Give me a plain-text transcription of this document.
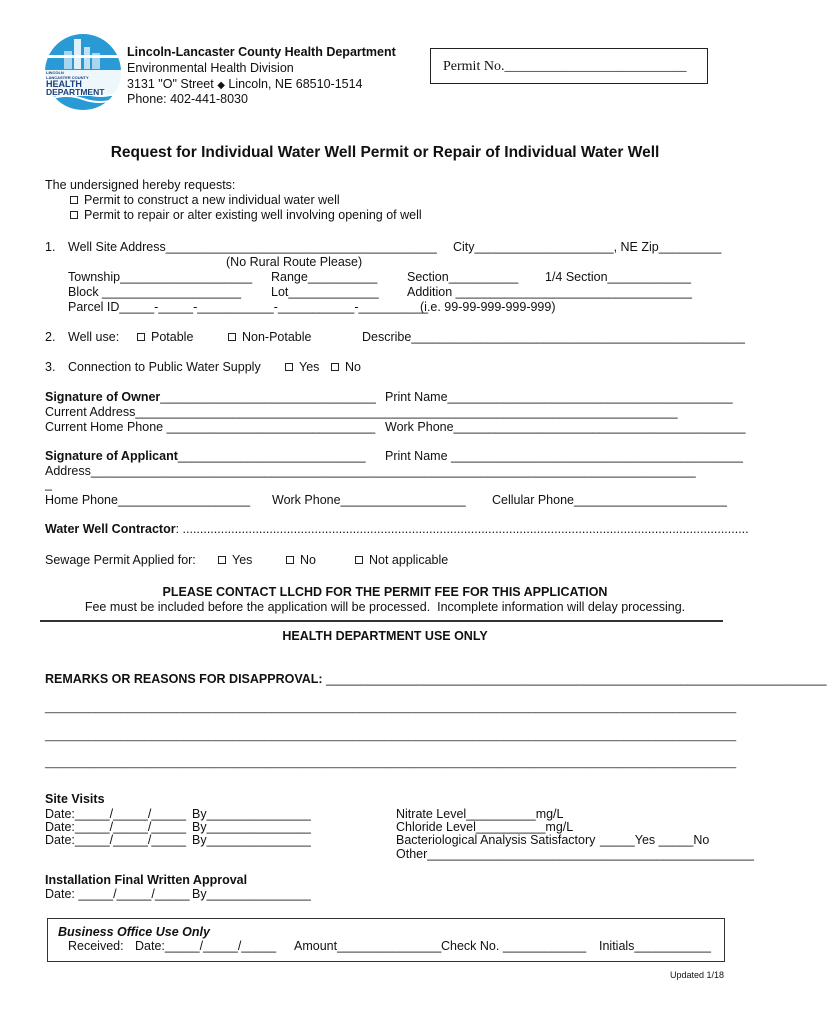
LINCOLN
LANCASTER COUNTY
HEALTH
DEPARTMENT
Lincoln-Lancaster County Health Department
Environmental Health Division
3131 "O" Street ◆ Lincoln, NE 68510-1514
Phone: 402-441-8030
Permit No.__________________________
Request for Individual Water Well Permit or Repair of Individual Water Well
The undersigned hereby requests:
Permit to construct a new individual water well
Permit to repair or alter existing well involving opening of well
1. Well Site Address_______________________________________ City____________________, NE Zip_________
(No Rural Route Please)
Township___________________ Range__________ Section__________ 1/4 Section____________
Block ____________________ Lot_____________ Addition __________________________________
Parcel ID_____-_____-___________-___________-__________
(i.e. 99-99-999-999-999)
2. Well use:	Potable	Non-Potable	Describe________________________________________________
3. Connection to Public Water Supply	Yes	No
Signature of Owner_______________________________ Print Name_________________________________________
Current Address______________________________________________________________________________
Current Home Phone ______________________________ Work Phone__________________________________________
Signature of Applicant___________________________ Print Name __________________________________________
Address_______________________________________________________________________________________
_
Home Phone___________________ Work Phone__________________ Cellular Phone______________________
Water Well Contractor: ...................................................................................................................................................................
Sewage Permit Applied for:	Yes	No	Not applicable
PLEASE CONTACT LLCHD FOR THE PERMIT FEE FOR THIS APPLICATION
Fee must be included before the application will be processed.  Incomplete information will delay processing.
HEALTH DEPARTMENT USE ONLY
REMARKS OR REASONS FOR DISAPPROVAL: ________________________________________________________________________
______________________________________________________________________________________________________________
______________________________________________________________________________________________________________
______________________________________________________________________________________________________________
Site Visits
Date:_____/_____/_____ By_______________
Date:_____/_____/_____ By_______________
Date:_____/_____/_____ By_______________
Nitrate Level__________mg/L
Chloride Level__________mg/L
Bacteriological Analysis Satisfactory _____Yes _____No
Other_______________________________________________
Installation Final Written Approval
Date: _____/_____/_____ By_______________
Business Office Use Only
Received: Date:_____/_____/_____ Amount_______________ Check No. ____________ Initials___________
Updated 1/18
